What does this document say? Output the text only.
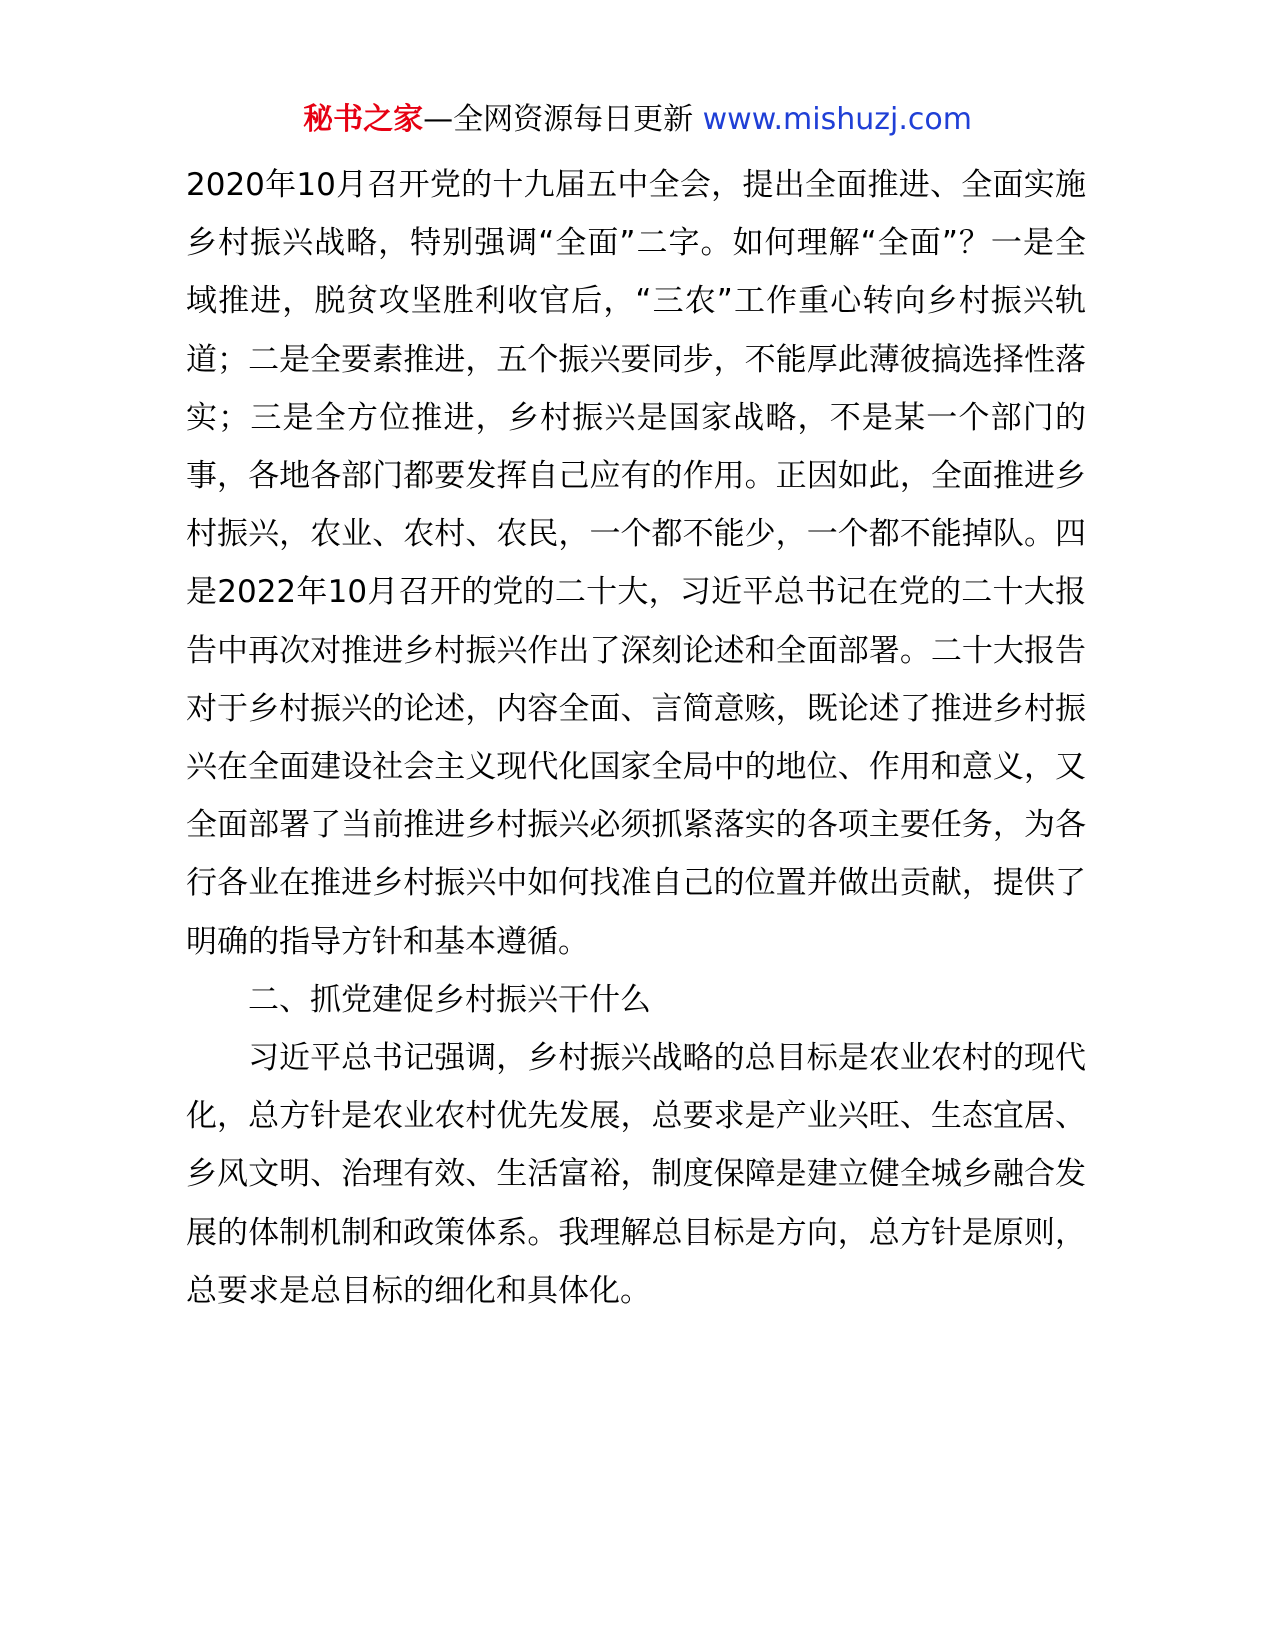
秘书之家—全网资源每日更新 www.mishuzj.com

2020年10月召开党的十九届五中全会，提出全面推进、全面实施乡村振兴战略，特别强调“全面”二字。如何理解“全面”？一是全域推进，脱贫攻坚胜利收官后，“三农”工作重心转向乡村振兴轨道；二是全要素推进，五个振兴要同步，不能厚此薄彼搞选择性落实；三是全方位推进，乡村振兴是国家战略，不是某一个部门的事，各地各部门都要发挥自己应有的作用。正因如此，全面推进乡村振兴，农业、农村、农民，一个都不能少，一个都不能掉队。四是2022年10月召开的党的二十大，习近平总书记在党的二十大报告中再次对推进乡村振兴作出了深刻论述和全面部署。二十大报告对于乡村振兴的论述，内容全面、言简意赅，既论述了推进乡村振兴在全面建设社会主义现代化国家全局中的地位、作用和意义，又全面部署了当前推进乡村振兴必须抓紧落实的各项主要任务，为各行各业在推进乡村振兴中如何找准自己的位置并做出贡献，提供了明确的指导方针和基本遵循。

二、抓党建促乡村振兴干什么

习近平总书记强调，乡村振兴战略的总目标是农业农村的现代化，总方针是农业农村优先发展，总要求是产业兴旺、生态宜居、乡风文明、治理有效、生活富裕，制度保障是建立健全城乡融合发展的体制机制和政策体系。我理解总目标是方向，总方针是原则，总要求是总目标的细化和具体化。
